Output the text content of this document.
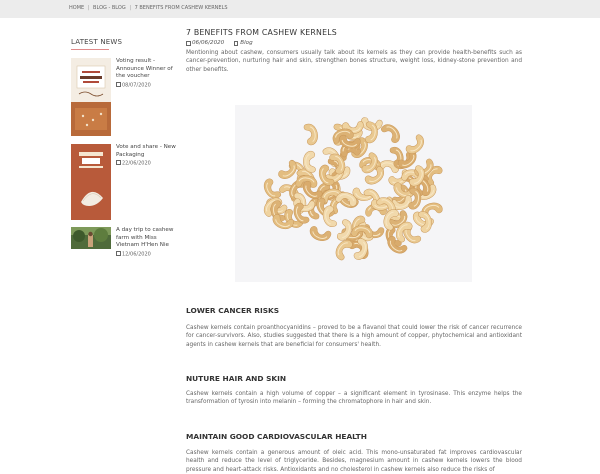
HOME | BLOG - BLOG | 7 BENEFITS FROM CASHEW KERNELS
LATEST NEWS
Voting result - Announce Winner of the voucher
08/07/2020
Vote and share - New Packaging
22/06/2020
A day trip to cashew farm with Miss Vietnam H'Hen Nie
12/06/2020
7 BENEFITS FROM CASHEW KERNELS
06/06/2020	Blog
Mentioning about cashew, consumers usually talk about its kernels as they can provide health-benefits such as cancer-prevention, nurturing hair and skin, strengthen bones structure, weight loss, kidney-stone prevention and other benefits.
LOWER CANCER RISKS
Cashew kernels contain proanthocyanidins – proved to be a flavanol that could lower the risk of cancer recurrence for cancer-survivors. Also, studies suggested that there is a high amount of copper, phytochemical and antioxidant agents in cashew kernels that are beneficial for consumers' health.
NUTURE HAIR AND SKIN
Cashew kernels contain a high volume of copper – a significant element in tyrosinase. This enzyme helps the transformation of tyrosin into melanin – forming the chromatophore in hair and skin.
MAINTAIN GOOD CARDIOVASCULAR HEALTH
Cashew kernels contain a generous amount of oleic acid. This mono-unsaturated fat improves cardiovascular health and reduce the level of triglyceride. Besides, magnesium amount in cashew kernels lowers the blood pressure and heart-attack risks. Antioxidants and no cholesterol in cashew kernels also reduce the risks of
